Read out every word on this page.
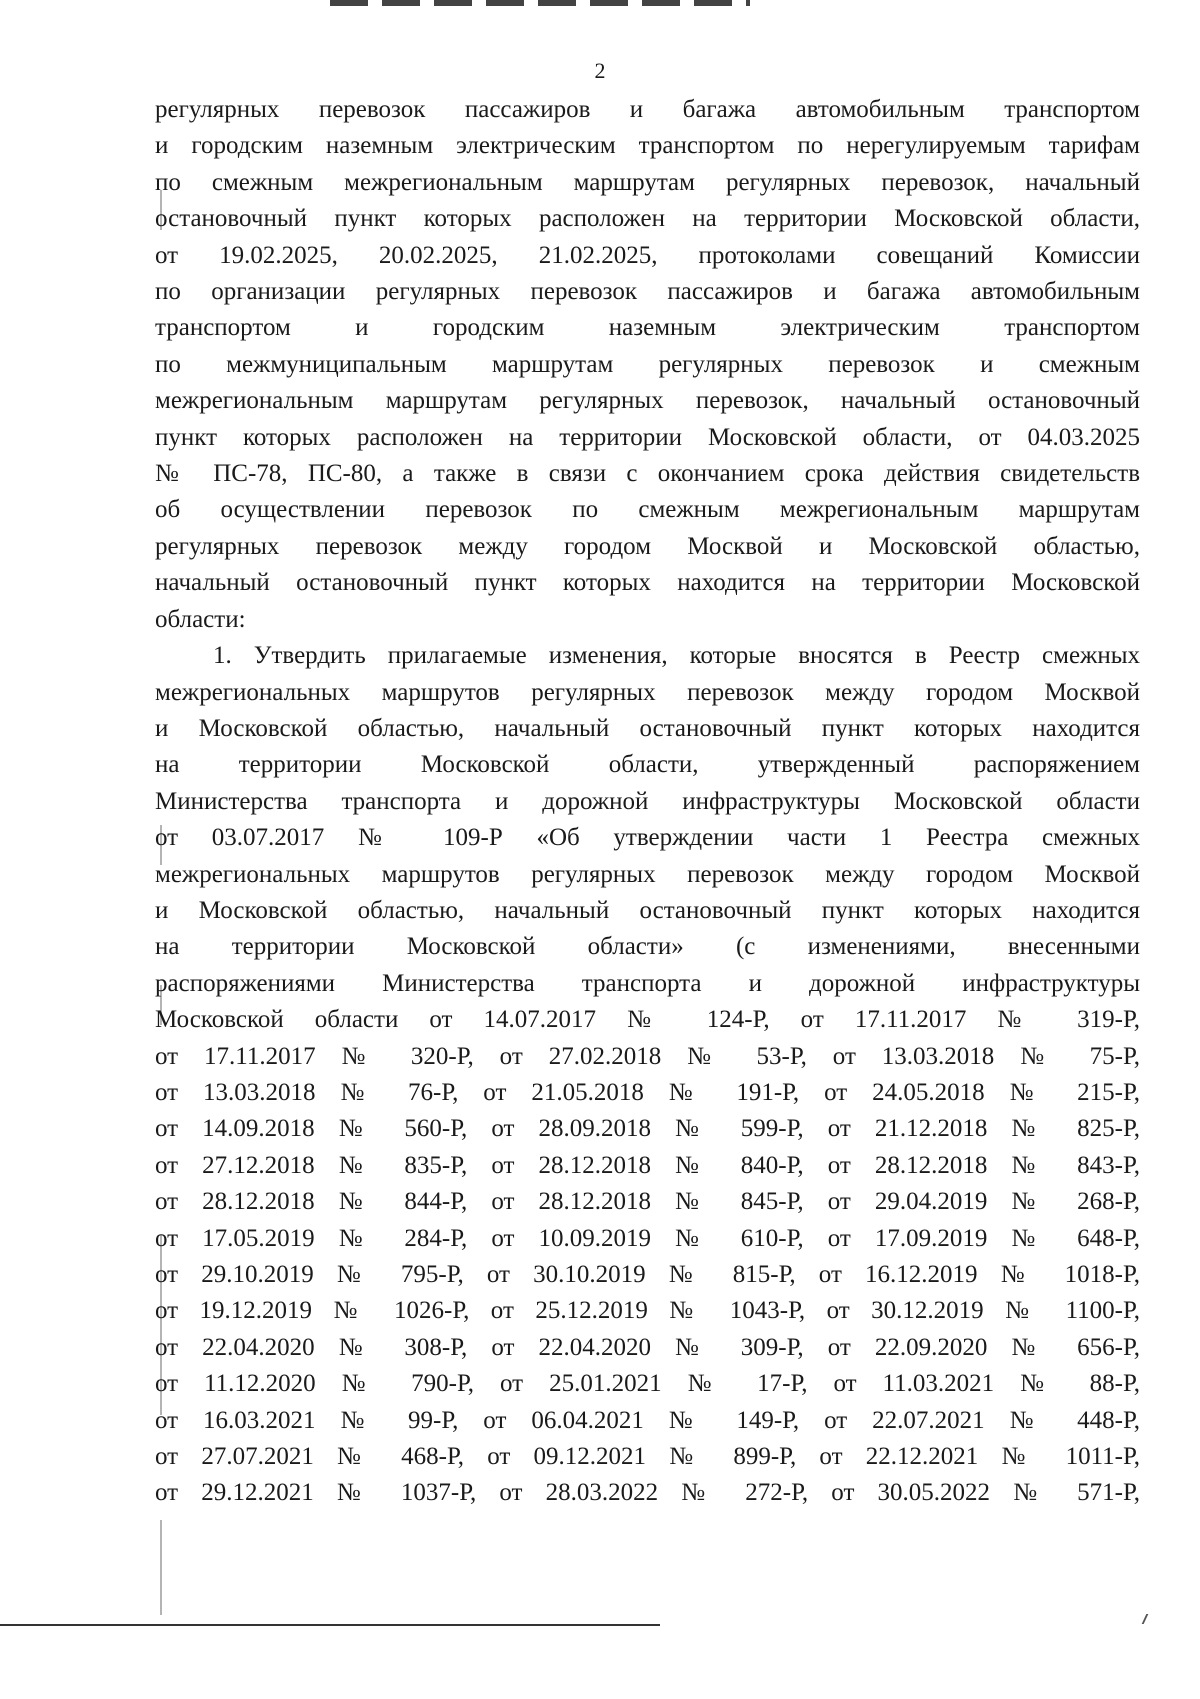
2
регулярных перевозок пассажиров и багажа автомобильным транспортом
и городским наземным электрическим транспортом по нерегулируемым тарифам
по смежным межрегиональным маршрутам регулярных перевозок, начальный
остановочный пункт которых расположен на территории Московской области,
от 19.02.2025, 20.02.2025, 21.02.2025, протоколами совещаний Комиссии
по организации регулярных перевозок пассажиров и багажа автомобильным
транспортом и городским наземным электрическим транспортом
по межмуниципальным маршрутам регулярных перевозок и смежным
межрегиональным маршрутам регулярных перевозок, начальный остановочный
пункт которых расположен на территории Московской области, от 04.03.2025
№ ПС-78, ПС-80, а также в связи с окончанием срока действия свидетельств
об осуществлении перевозок по смежным межрегиональным маршрутам
регулярных перевозок между городом Москвой и Московской областью,
начальный остановочный пункт которых находится на территории Московской
области:
1. Утвердить прилагаемые изменения, которые вносятся в Реестр смежных
межрегиональных маршрутов регулярных перевозок между городом Москвой
и Московской областью, начальный остановочный пункт которых находится
на территории Московской области, утвержденный распоряжением
Министерства транспорта и дорожной инфраструктуры Московской области
от 03.07.2017 № 109-Р «Об утверждении части 1 Реестра смежных
межрегиональных маршрутов регулярных перевозок между городом Москвой
и Московской областью, начальный остановочный пункт которых находится
на территории Московской области» (с изменениями, внесенными
распоряжениями Министерства транспорта и дорожной инфраструктуры
Московской области от 14.07.2017 № 124-Р, от 17.11.2017 № 319-Р,
от 17.11.2017 № 320-Р, от 27.02.2018 № 53-Р, от 13.03.2018 № 75-Р,
от 13.03.2018 № 76-Р, от 21.05.2018 № 191-Р, от 24.05.2018 № 215-Р,
от 14.09.2018 № 560-Р, от 28.09.2018 № 599-Р, от 21.12.2018 № 825-Р,
от 27.12.2018 № 835-Р, от 28.12.2018 № 840-Р, от 28.12.2018 № 843-Р,
от 28.12.2018 № 844-Р, от 28.12.2018 № 845-Р, от 29.04.2019 № 268-Р,
от 17.05.2019 № 284-Р, от 10.09.2019 № 610-Р, от 17.09.2019 № 648-Р,
от 29.10.2019 № 795-Р, от 30.10.2019 № 815-Р, от 16.12.2019 № 1018-Р,
от 19.12.2019 № 1026-Р, от 25.12.2019 № 1043-Р, от 30.12.2019 № 1100-Р,
от 22.04.2020 № 308-Р, от 22.04.2020 № 309-Р, от 22.09.2020 № 656-Р,
от 11.12.2020 № 790-Р, от 25.01.2021 № 17-Р, от 11.03.2021 № 88-Р,
от 16.03.2021 № 99-Р, от 06.04.2021 № 149-Р, от 22.07.2021 № 448-Р,
от 27.07.2021 № 468-Р, от 09.12.2021 № 899-Р, от 22.12.2021 № 1011-Р,
от 29.12.2021 № 1037-Р, от 28.03.2022 № 272-Р, от 30.05.2022 № 571-Р,
